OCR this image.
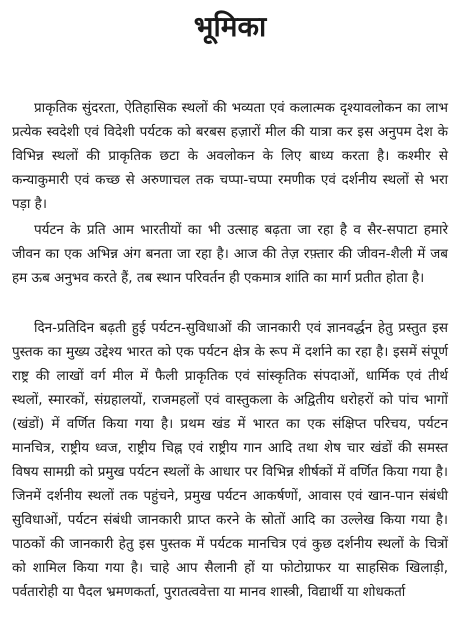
भूमिका

प्राकृतिक सुंदरता, ऐतिहासिक स्थलों की भव्यता एवं कलात्मक दृश्यावलोकन का लाभ प्रत्येक स्वदेशी एवं विदेशी पर्यटक को बरबस हज़ारों मील की यात्रा कर इस अनुपम देश के विभिन्न स्थलों की प्राकृतिक छटा के अवलोकन के लिए बाध्य करता है। कश्मीर से कन्याकुमारी एवं कच्छ से अरुणाचल तक चप्पा-चप्पा रमणीक एवं दर्शनीय स्थलों से भरा पड़ा है।

पर्यटन के प्रति आम भारतीयों का भी उत्साह बढ़ता जा रहा है व सैर-सपाटा हमारे जीवन का एक अभिन्न अंग बनता जा रहा है। आज की तेज़ रफ़्तार की जीवन-शैली में जब हम ऊब अनुभव करते हैं, तब स्थान परिवर्तन ही एकमात्र शांति का मार्ग प्रतीत होता है।

दिन-प्रतिदिन बढ़ती हुई पर्यटन-सुविधाओं की जानकारी एवं ज्ञानवर्द्धन हेतु प्रस्तुत इस पुस्तक का मुख्य उद्देश्य भारत को एक पर्यटन क्षेत्र के रूप में दर्शाने का रहा है। इसमें संपूर्ण राष्ट्र की लाखों वर्ग मील में फैली प्राकृतिक एवं सांस्कृतिक संपदाओं, धार्मिक एवं तीर्थ स्थलों, स्मारकों, संग्रहालयों, राजमहलों एवं वास्तुकला के अद्वितीय धरोहरों को पांच भागों (खंडों) में वर्णित किया गया है। प्रथम खंड में भारत का एक संक्षिप्त परिचय, पर्यटन मानचित्र, राष्ट्रीय ध्वज, राष्ट्रीय चिह्न एवं राष्ट्रीय गान आदि तथा शेष चार खंडों की समस्त विषय सामग्री को प्रमुख पर्यटन स्थलों के आधार पर विभिन्न शीर्षकों में वर्णित किया गया है। जिनमें दर्शनीय स्थलों तक पहुंचने, प्रमुख पर्यटन आकर्षणों, आवास एवं खान-पान संबंधी सुविधाओं, पर्यटन संबंधी जानकारी प्राप्त करने के स्रोतों आदि का उल्लेख किया गया है। पाठकों की जानकारी हेतु इस पुस्तक में पर्यटक मानचित्र एवं कुछ दर्शनीय स्थलों के चित्रों को शामिल किया गया है। चाहे आप सैलानी हों या फोटोग्राफर या साहसिक खिलाड़ी, पर्वतारोही या पैदल भ्रमणकर्ता, पुरातत्ववेत्ता या मानव शास्त्री, विद्यार्थी या शोधकर्ता
